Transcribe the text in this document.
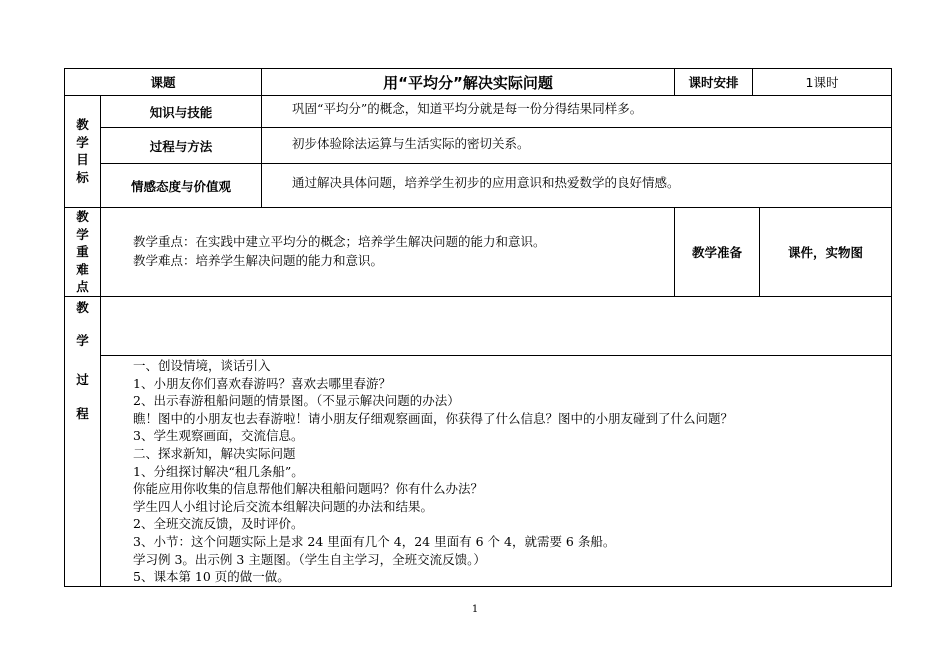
课题	用“平均分”解决实际问题	课时安排	1课时
教
学
目
标
知识与技能	巩固“平均分”的概念，知道平均分就是每一份分得结果同样多。
过程与方法	初步体验除法运算与生活实际的密切关系。
情感态度与价值观	通过解决具体问题，培养学生初步的应用意识和热爱数学的良好情感。
教
学
重
难
点
教学重点：在实践中建立平均分的概念；培养学生解决问题的能力和意识。
教学难点：培养学生解决问题的能力和意识。
教学准备	课件，实物图
教
学
过
程

一、创设情境，谈话引入

1、小朋友你们喜欢春游吗？喜欢去哪里春游？

2、出示春游租船问题的情景图。（不显示解决问题的办法）

瞧！图中的小朋友也去春游啦！请小朋友仔细观察画面，你获得了什么信息？图中的小朋友碰到了什么问题？

3、学生观察画面，交流信息。

二、探求新知，解决实际问题

1、分组探讨解决“租几条船”。

你能应用你收集的信息帮他们解决租船问题吗？你有什么办法？

学生四人小组讨论后交流本组解决问题的办法和结果。

2、全班交流反馈，及时评价。

3、小节：这个问题实际上是求 24 里面有几个 4，24 里面有 6 个 4，就需要 6 条船。

学习例 3。出示例 3 主题图。（学生自主学习，全班交流反馈。）

5、课本第 10 页的做一做。

1
